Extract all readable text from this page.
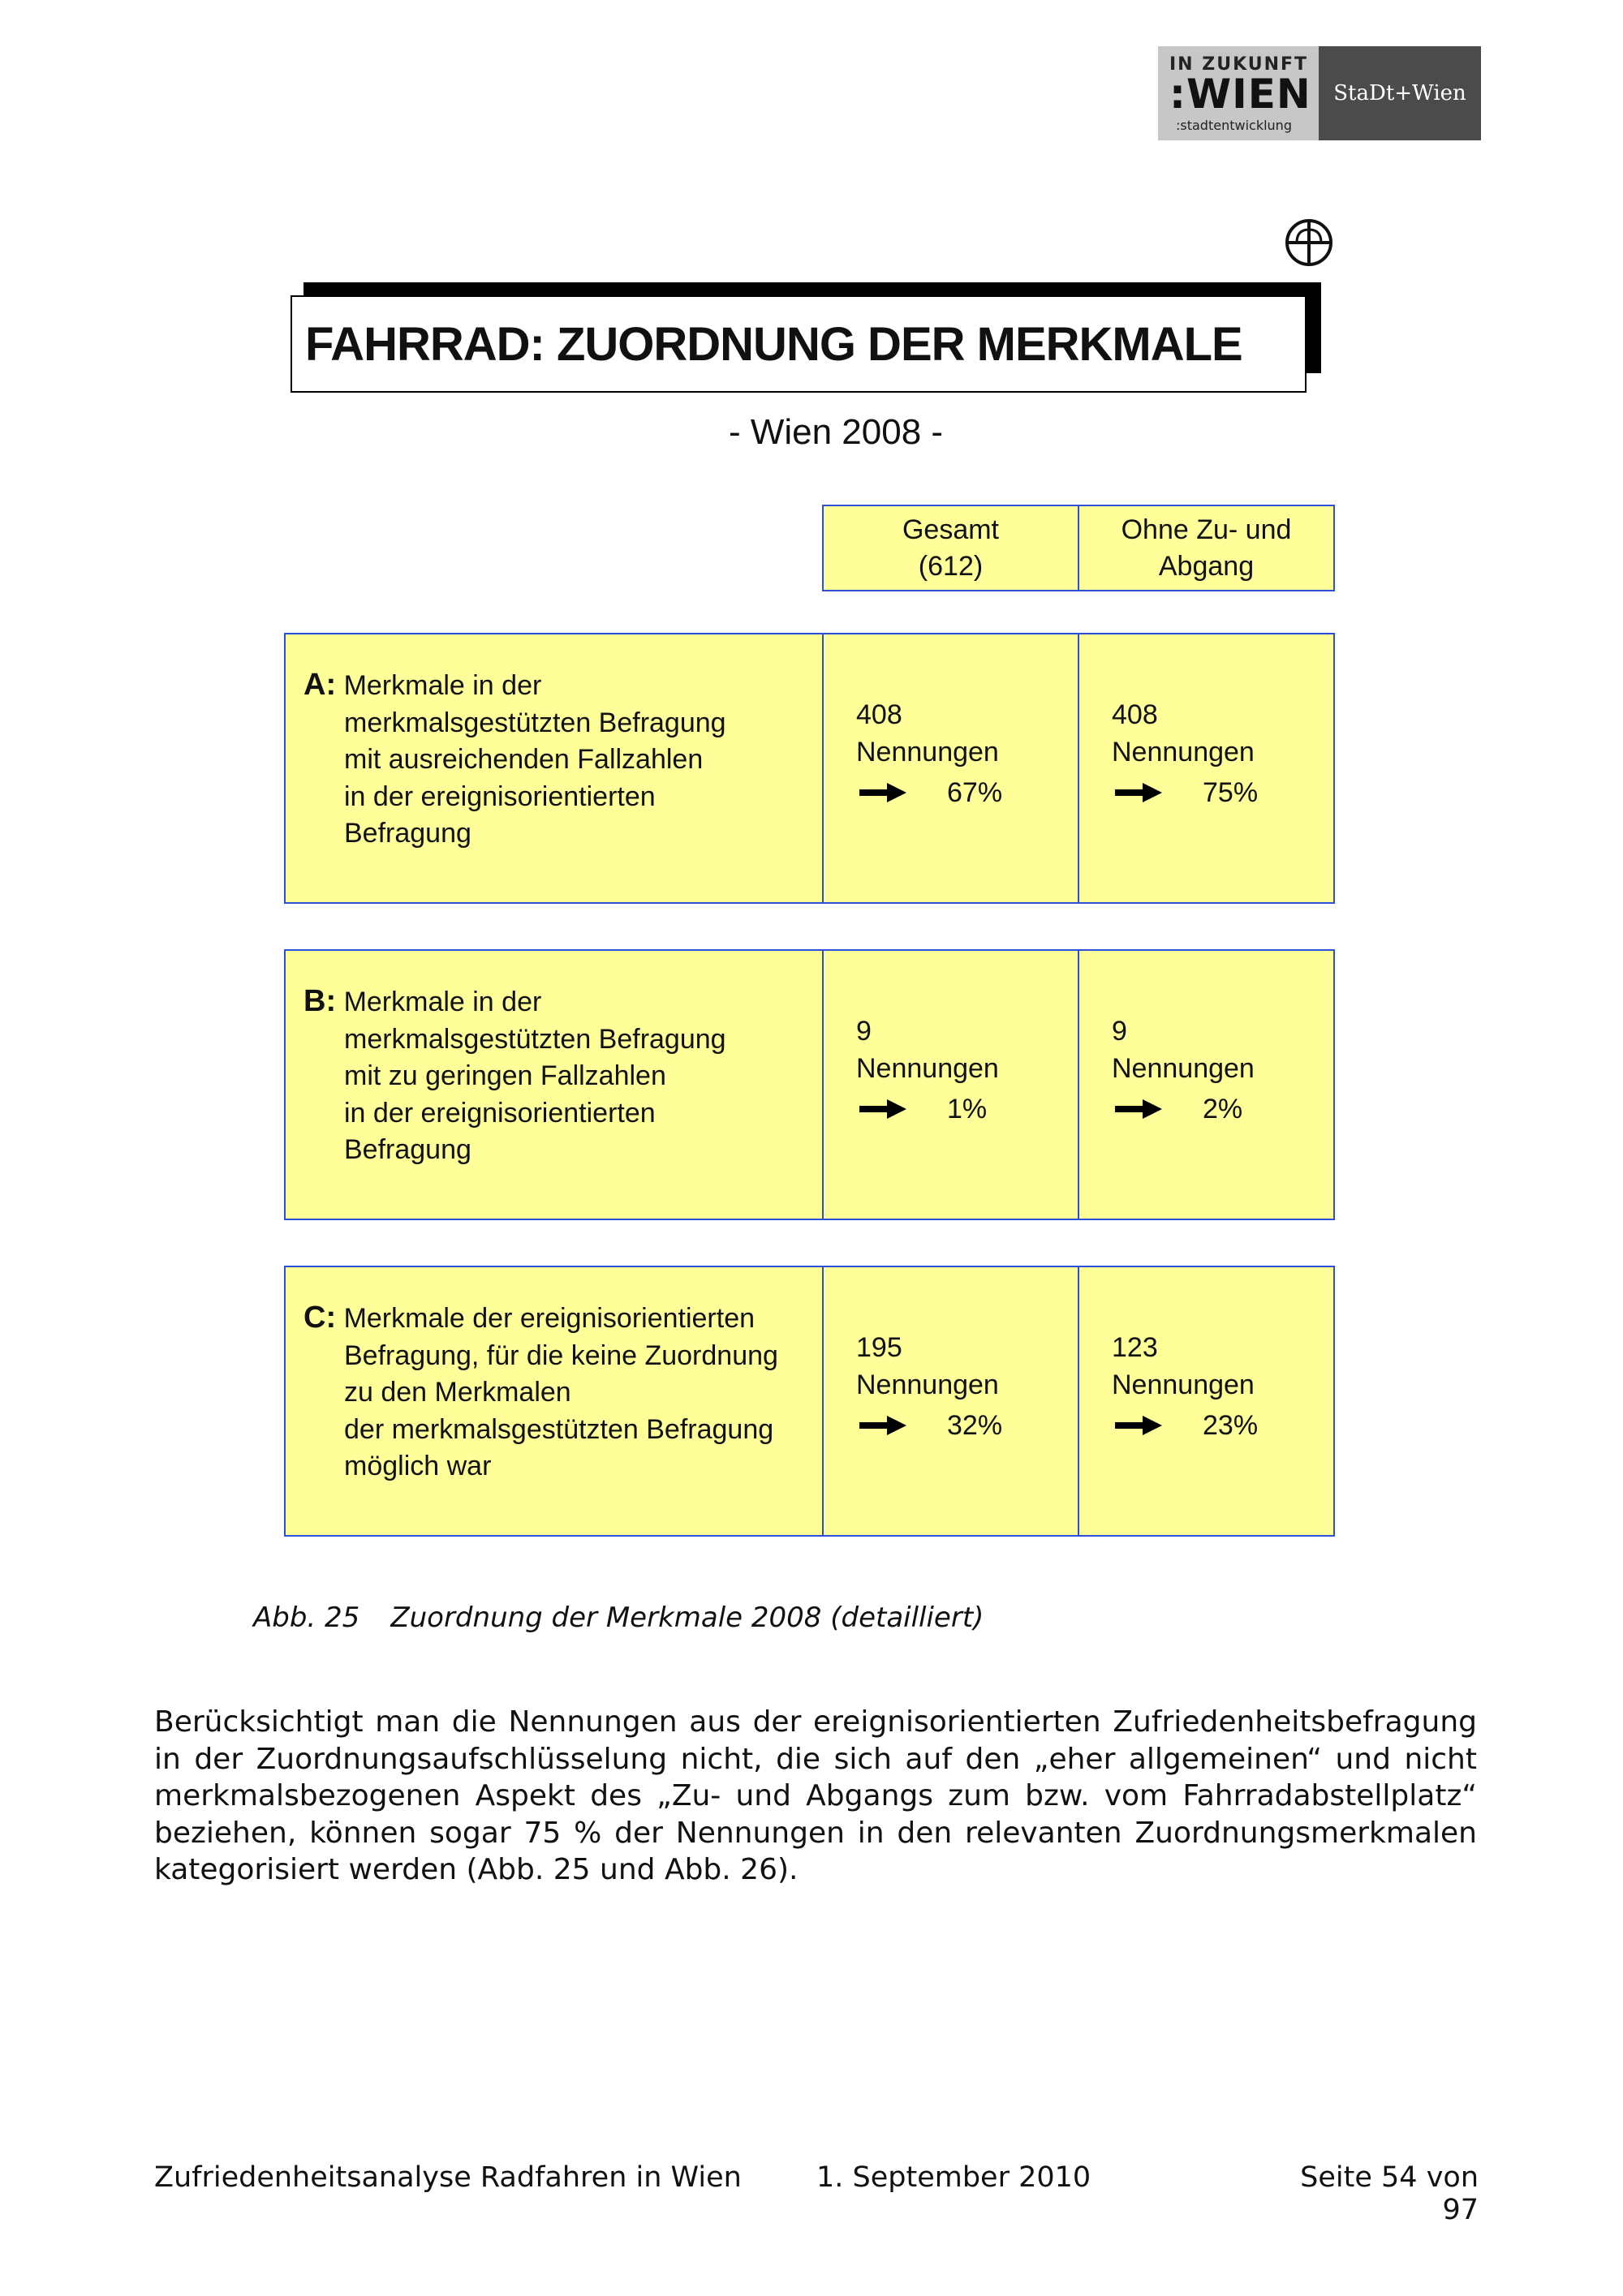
IN ZUKUNFT
:WIEN
:stadtentwicklung
StaDt+Wien
FAHRRAD: ZUORDNUNG DER MERKMALE
- Wien 2008 -
Gesamt
(612)
Ohne Zu- und
Abgang
A: Merkmale in der
merkmalsgestützten Befragung
mit ausreichenden Fallzahlen
in der ereignisorientierten
Befragung
408
Nennungen
67%
408
Nennungen
75%
B: Merkmale in der
merkmalsgestützten Befragung
mit zu geringen Fallzahlen
in der ereignisorientierten
Befragung
9
Nennungen
1%
9
Nennungen
2%
C: Merkmale der ereignisorientierten
Befragung, für die keine Zuordnung
zu den Merkmalen
der merkmalsgestützten Befragung
möglich war
195
Nennungen
32%
123
Nennungen
23%
Abb. 25 Zuordnung der Merkmale 2008 (detailliert)
Berücksichtigt man die Nennungen aus der ereignisorientierten Zufriedenheitsbefragung in der Zuordnungsaufschlüsselung nicht, die sich auf den „eher allgemeinen“ und nicht merkmalsbezogenen Aspekt des „Zu- und Abgangs zum bzw. vom Fahrradabstellplatz“ beziehen, können sogar 75 % der Nennungen in den relevanten Zuordnungsmerkmalen kategorisiert werden (Abb. 25 und Abb. 26).
Zufriedenheitsanalyse Radfahren in Wien	1. September 2010	Seite 54 von 97
